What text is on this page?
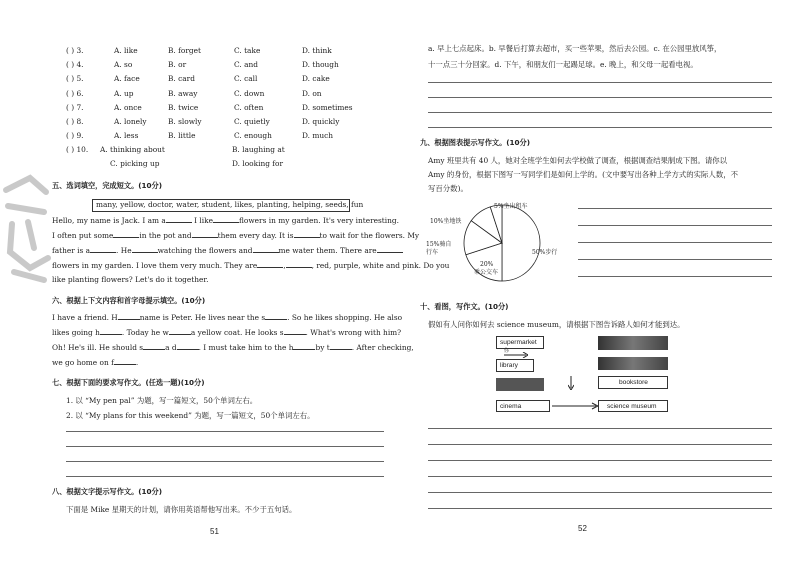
( ) 3.	A. like	B. forget	C. take	D. think
( ) 4.	A. so	B. or	C. and	D. though
( ) 5.	A. face	B. card	C. call	D. cake
( ) 6.	A. up	B. away	C. down	D. on
( ) 7.	A. once	B. twice	C. often	D. sometimes
( ) 8.	A. lonely	B. slowly	C. quietly	D. quickly
( ) 9.	A. less	B. little	C. enough	D. much
( ) 10. A. thinking about	B. laughing at
C. picking up	D. looking for
五、选词填空，完成短文。(10分)
many, yellow, doctor, water, student, likes, planting, helping, seeds, fun
Hello, my name is Jack. I am a	I like	flowers in my garden. It's very interesting.
I often put some	in the pot and	them every day. It is	to wait for the flowers. My
father is a	. He	watching the flowers and	me water them. There are
flowers in my garden. I love them very much. They are	,	, red, purple, white and pink. Do you
like planting flowers? Let's do it together.
六、根据上下文内容和首字母提示填空。(10分)
I have a friend. H	name is Peter. He lives near the s	. So he likes shopping. He also
likes going h	. Today he w	a yellow coat. He looks s	. What's wrong with him?
Oh! He's ill. He should s	a d	. I must take him to the h	by t	. After checking,
we go home on f	.
七、根据下面的要求写作文。(任选一题)(10分)
1. 以 “My pen pal” 为题，写一篇短文，50个单词左右。
2. 以 “My plans for this weekend” 为题，写一篇短文，50个单词左右。
八、根据文字提示写作文。(10分)
下面是 Mike 星期天的计划，请你用英语帮他写出来。不少于五句话。
51
a. 早上七点起床。b. 早餐后打算去超市，买一些苹果，然后去公园。c. 在公园里放风筝，
十一点三十分回家。d. 下午，和朋友们一起踢足球。e. 晚上，和父母一起看电视。
九、根据图表提示写作文。(10分)
Amy 班里共有 40 人，她对全班学生如何去学校做了调查，根据调查结果制成下图。请你以
Amy 的身份，根据下图写一写同学们是如何上学的。(文中要写出各种上学方式的实际人数，不
写百分数)。
5%坐出租车
10%坐地铁
15%骑自
行车	50%步行
20%
乘公交车
十、看图，写作文。(10分)
假如有人问你如何去 science museum，请根据下图告诉路人如何才能到达。
supermarket
你
library
cinema
bookstore
science museum
52
